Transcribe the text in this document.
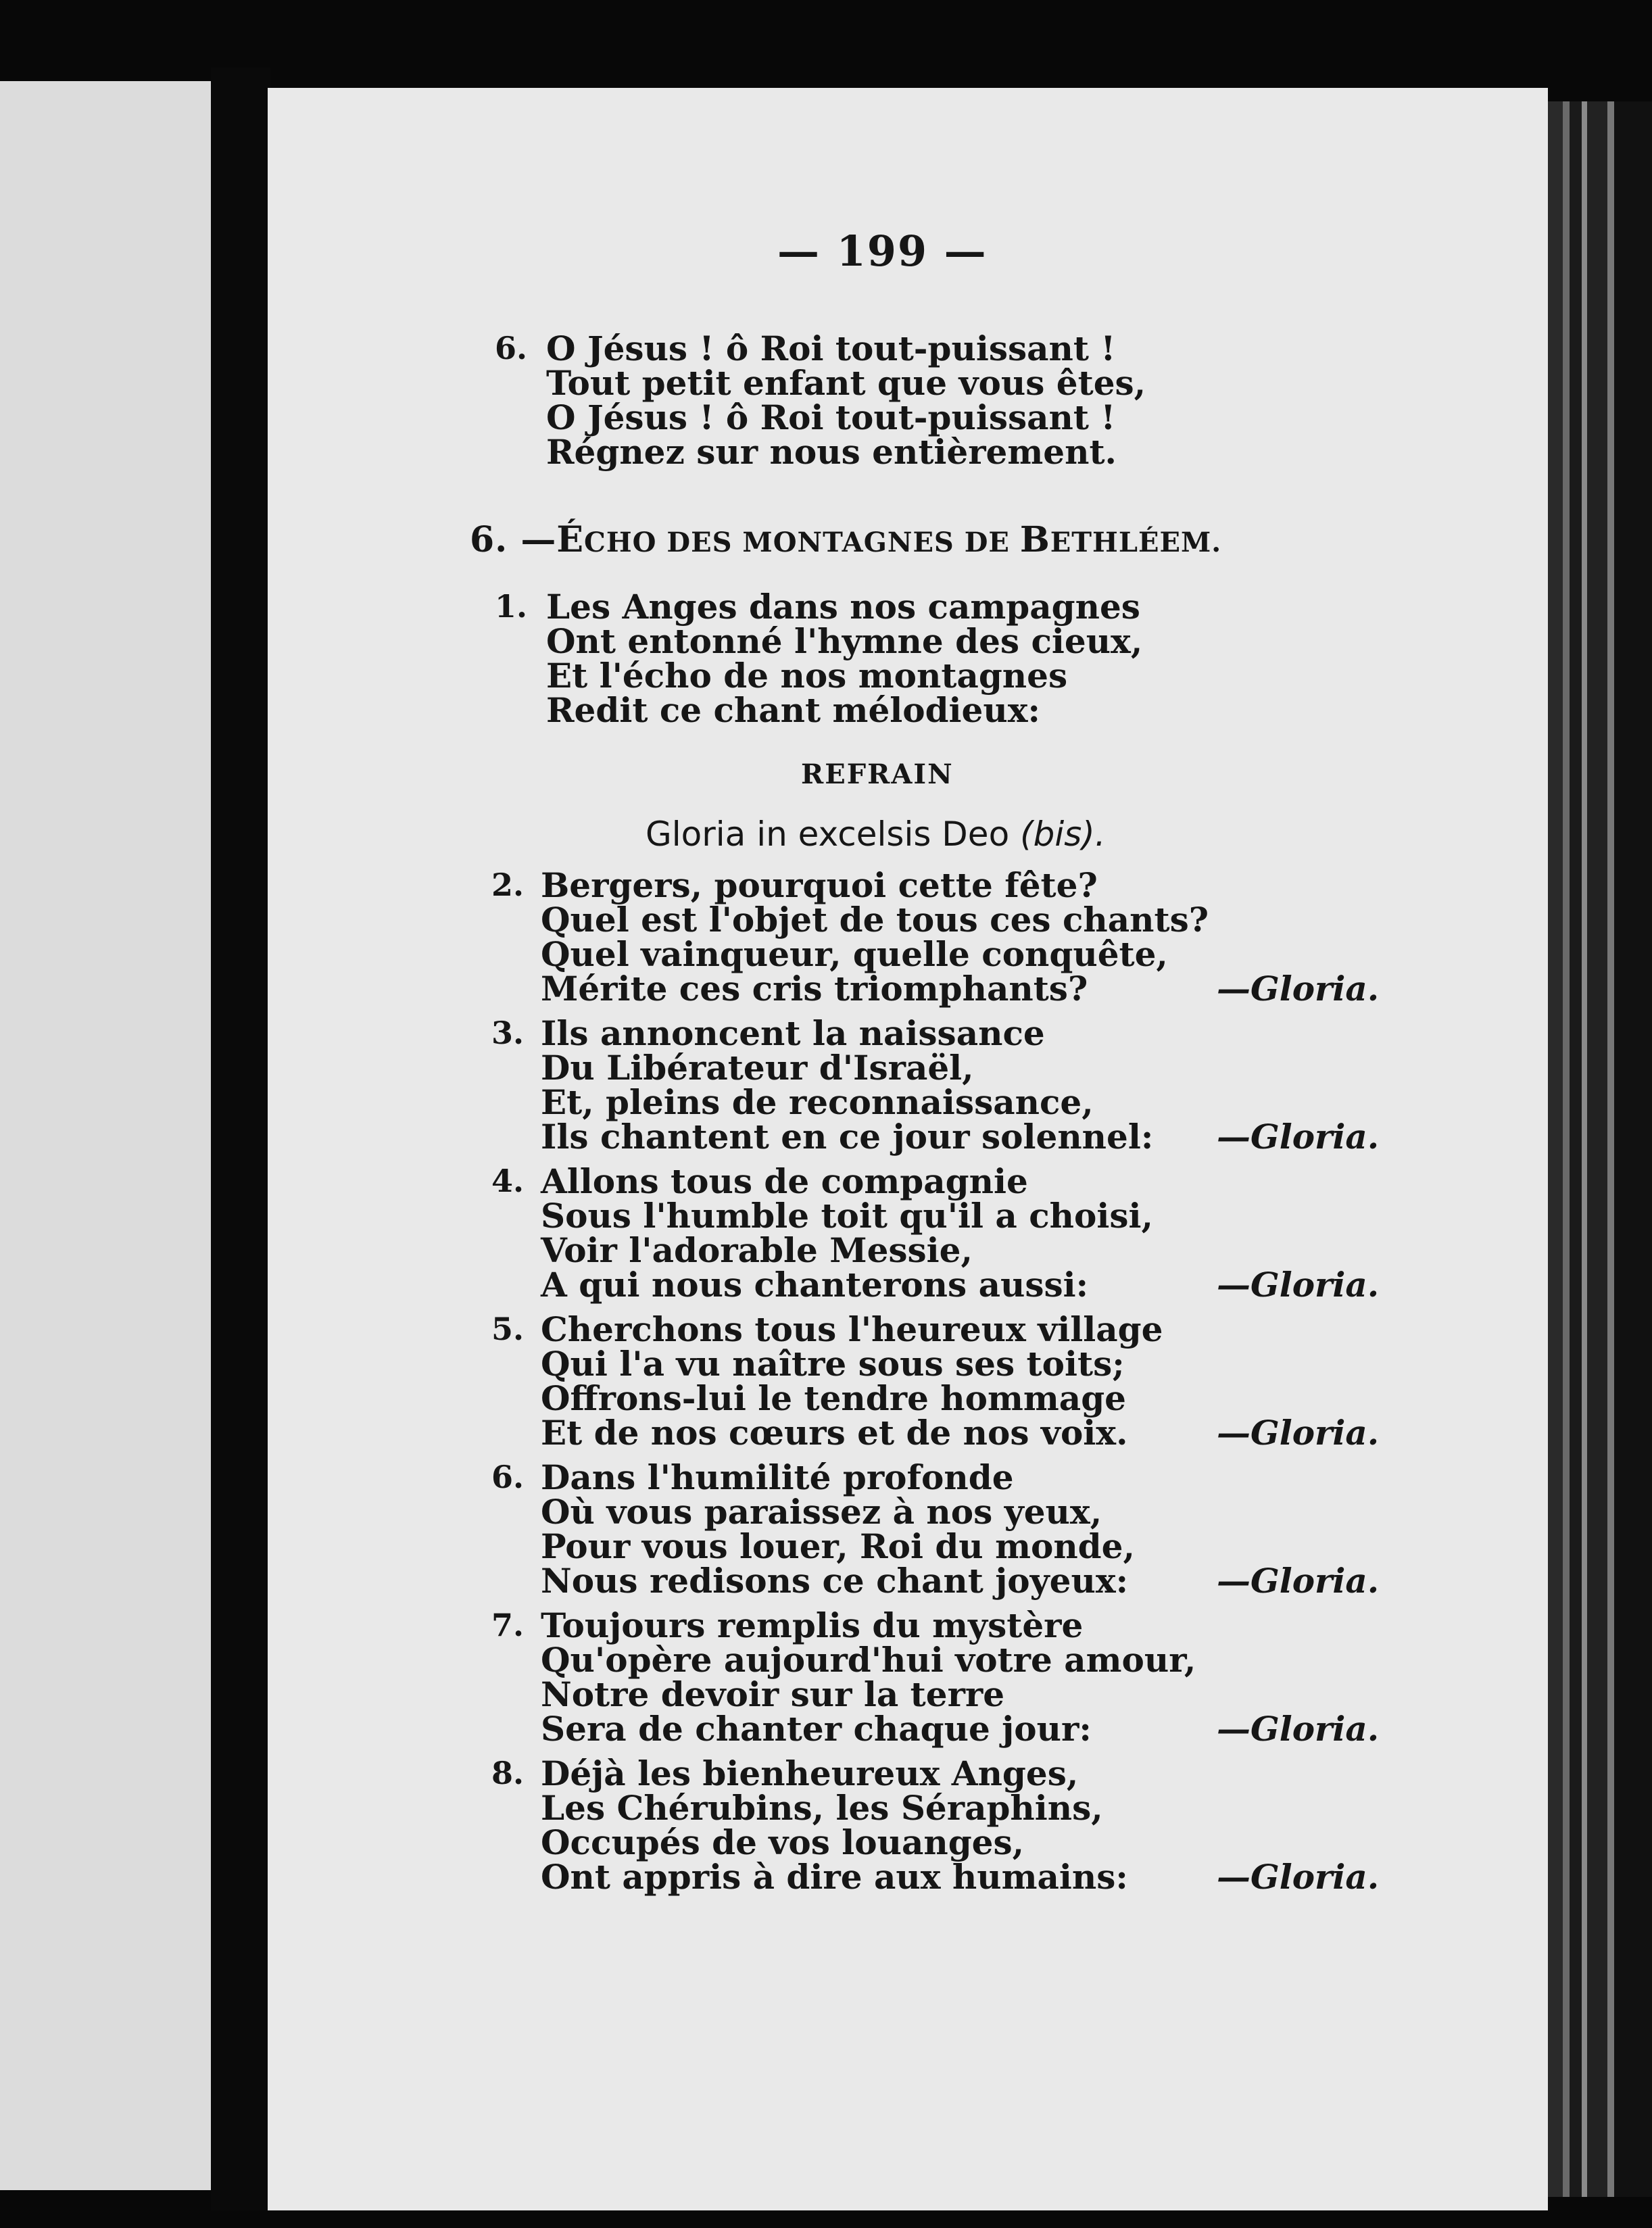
— 199 —
6. O Jésus ! ô Roi tout-puissant !
Tout petit enfant que vous êtes,
O Jésus ! ô Roi tout-puissant !
Régnez sur nous entièrement.
6. —ÉCHO DES MONTAGNES DE BETHLÉEM.
1. Les Anges dans nos campagnes
Ont entonné l'hymne des cieux,
Et l'écho de nos montagnes
Redit ce chant mélodieux:
REFRAIN
Gloria in excelsis Deo (bis).
2. Bergers, pourquoi cette fête?
Quel est l'objet de tous ces chants?
Quel vainqueur, quelle conquête,
Mérite ces cris triomphants?	—Gloria.
3. Ils annoncent la naissance
Du Libérateur d'Israël,
Et, pleins de reconnaissance,
Ils chantent en ce jour solennel: —Gloria.
4. Allons tous de compagnie
Sous l'humble toit qu'il a choisi,
Voir l'adorable Messie,
A qui nous chanterons aussi:	—Gloria.
5. Cherchons tous l'heureux village
Qui l'a vu naître sous ses toits;
Offrons-lui le tendre hommage
Et de nos cœurs et de nos voix.	—Gloria.
6. Dans l'humilité profonde
Où vous paraissez à nos yeux,
Pour vous louer, Roi du monde,
Nous redisons ce chant joyeux:	—Gloria.
7. Toujours remplis du mystère
Qu'opère aujourd'hui votre amour,
Notre devoir sur la terre
Sera de chanter chaque jour:	—Gloria.
8. Déjà les bienheureux Anges,
Les Chérubins, les Séraphins,
Occupés de vos louanges,
Ont appris à dire aux humains:	—Gloria.
